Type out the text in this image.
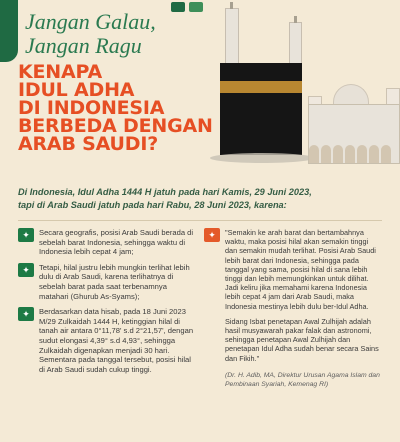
Jangan Galau,
Jangan Ragu
KENAPA
IDUL ADHA
DI INDONESIA
BERBEDA DENGAN
ARAB SAUDI?
Di Indonesia, Idul Adha 1444 H jatuh pada hari Kamis, 29 Juni 2023,
tapi di Arab Saudi jatuh pada hari Rabu, 28 Juni 2023, karena:
✦	Secara geografis, posisi Arab Saudi berada di sebelah barat Indonesia, sehingga waktu di Indonesia lebih cepat 4 jam;
✦	Tetapi, hilal justru lebih mungkin terlihat lebih dulu di Arab Saudi, karena terlihatnya di sebelah barat pada saat terbenamnya matahari (Ghurub As-Syams);
✦	Berdasarkan data hisab, pada 18 Juni 2023 M/29 Zulkaidah 1444 H, ketinggian hilal di tanah air antara 0°11,78' s.d 2°21,57', dengan sudut elongasi 4,39° s.d 4,93°, sehingga Zulkaidah digenapkan menjadi 30 hari. Sementara pada tanggal tersebut, posisi hilal di Arab Saudi sudah cukup tinggi.
✦	"Semakin ke arah barat dan bertambahnya waktu, maka posisi hilal akan semakin tinggi dan semakin mudah terlihat. Posisi Arab Saudi lebih barat dari Indonesia, sehingga pada tanggal yang sama, posisi hilal di sana lebih tinggi dan lebih memungkinkan untuk dilihat. Jadi keliru jika memahami karena Indonesia lebih cepat 4 jam dari Arab Saudi, maka Indonesia mestinya lebih dulu ber-Idul Adha.

Sidang Isbat penetapan Awal Zulhijah adalah hasil musyawarah pakar falak dan astronomi, sehingga penetapan Awal Zulhijah dan penetapan Idul Adha sudah benar secara Sains dan Fikih."

(Dr. H. Adib, MA, Direktur Urusan Agama Islam dan Pembinaan Syariah, Kemenag RI)
